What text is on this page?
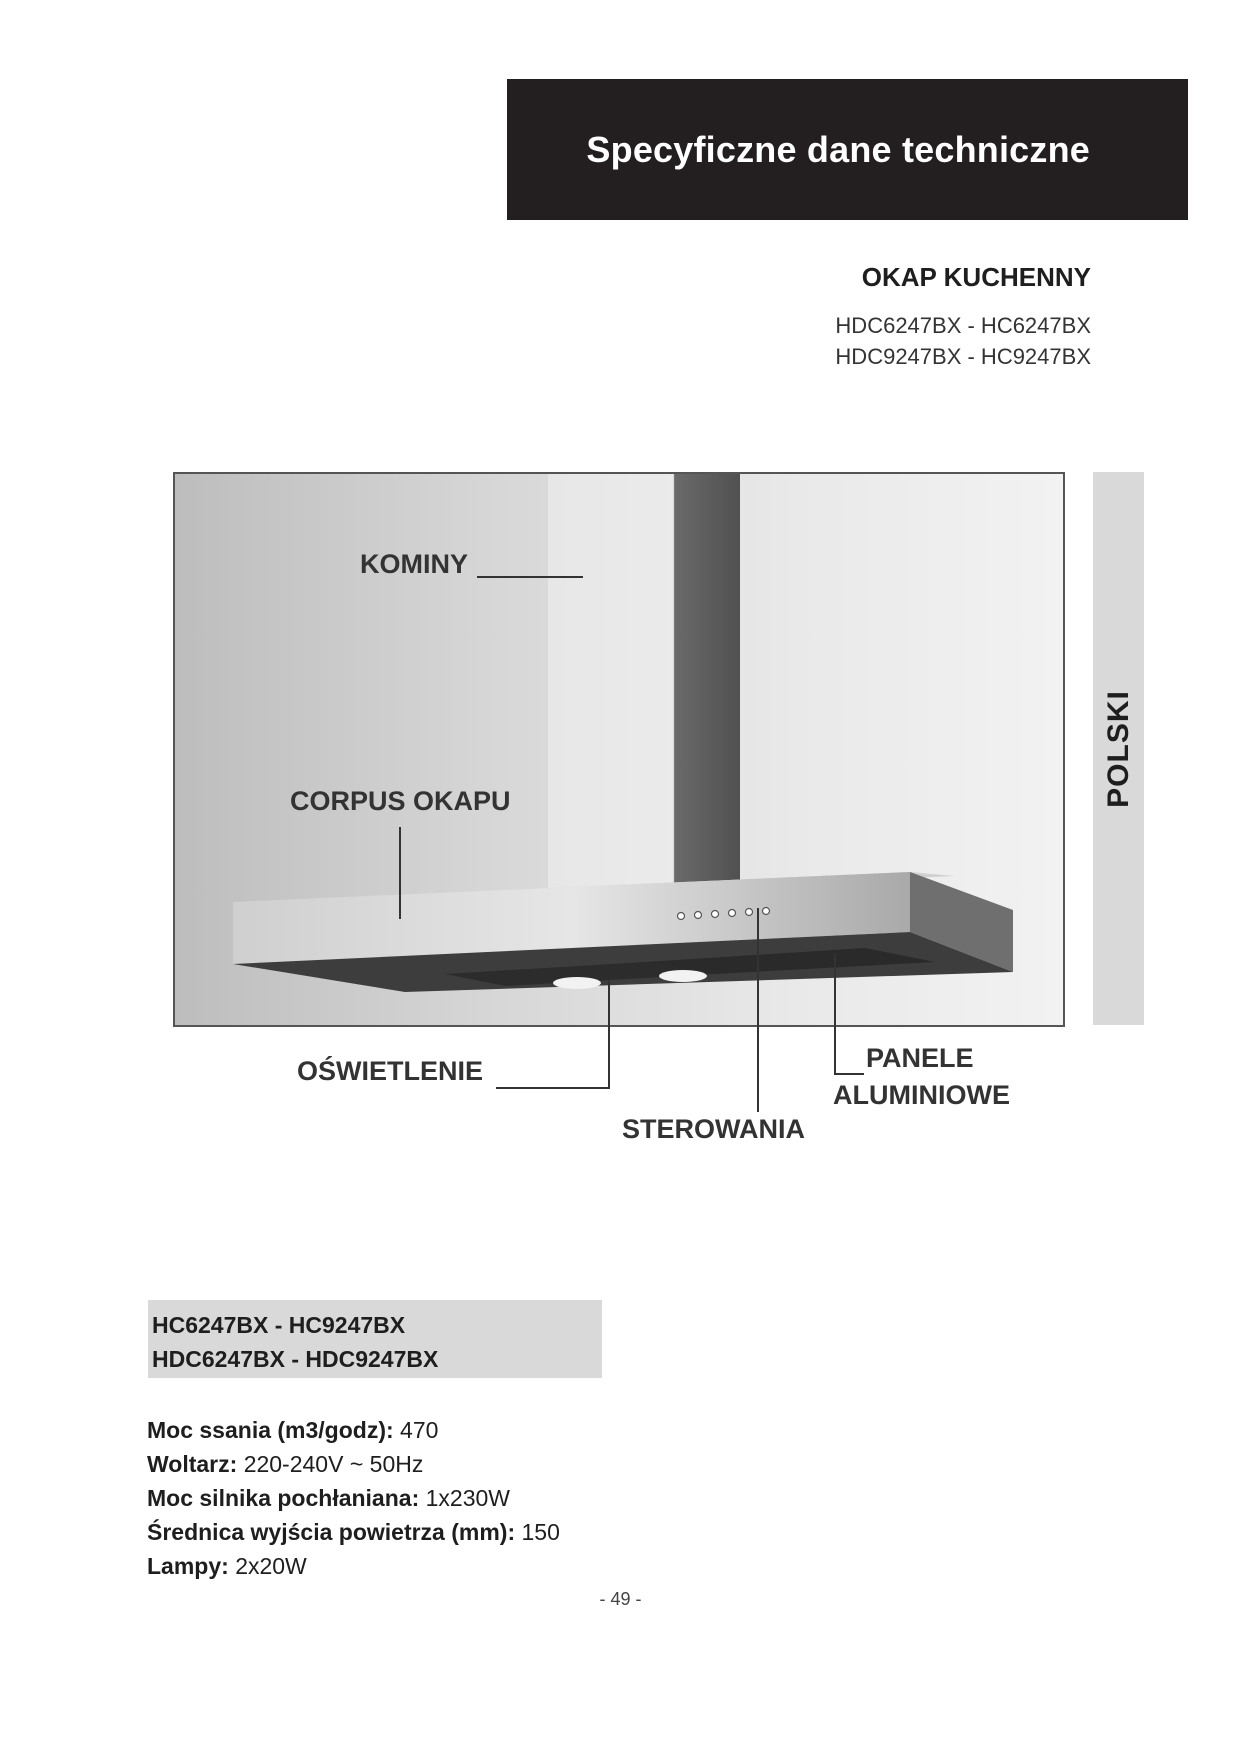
Specyficzne dane techniczne
OKAP KUCHENNY
HDC6247BX - HC6247BX
HDC9247BX - HC9247BX
POLSKI
KOMINY
CORPUS OKAPU
OŚWIETLENIE	PANELE
ALUMINIOWE
STEROWANIA
HC6247BX - HC9247BX
HDC6247BX - HDC9247BX
Moc ssania (m3/godz): 470
Woltarz: 220-240V ~ 50Hz
Moc silnika pochłaniana: 1x230W
Średnica wyjścia powietrza (mm): 150
Lampy: 2x20W
- 49 -
